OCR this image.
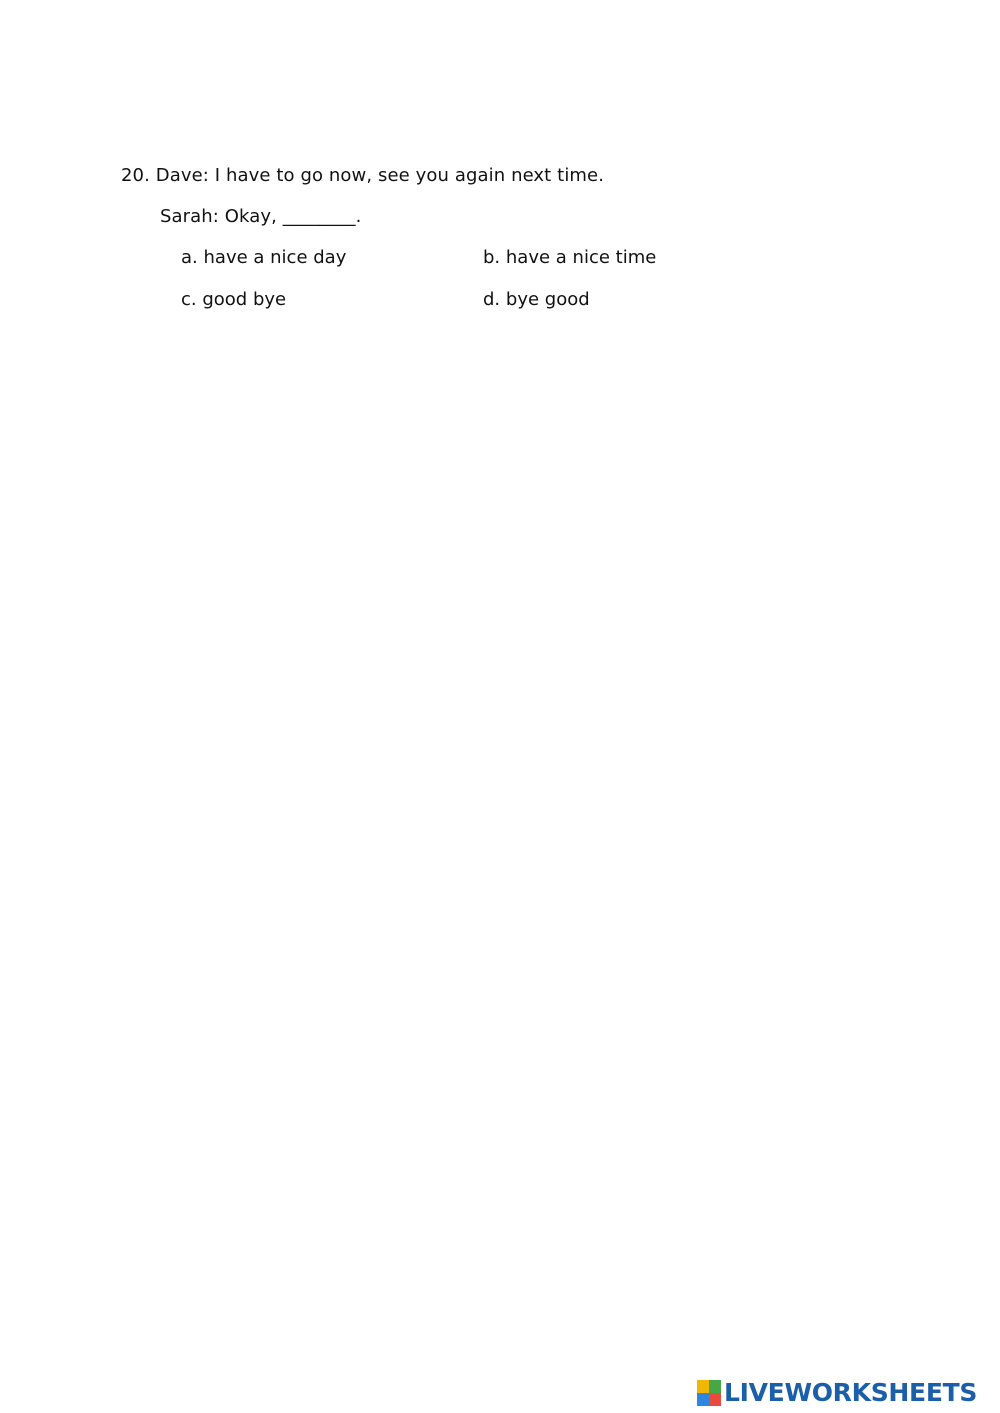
20. Dave: I have to go now, see you again next time.
Sarah: Okay, ________.
a. have a nice day	b. have a nice time
c. good bye	d. bye good
LIVEWORKSHEETS
